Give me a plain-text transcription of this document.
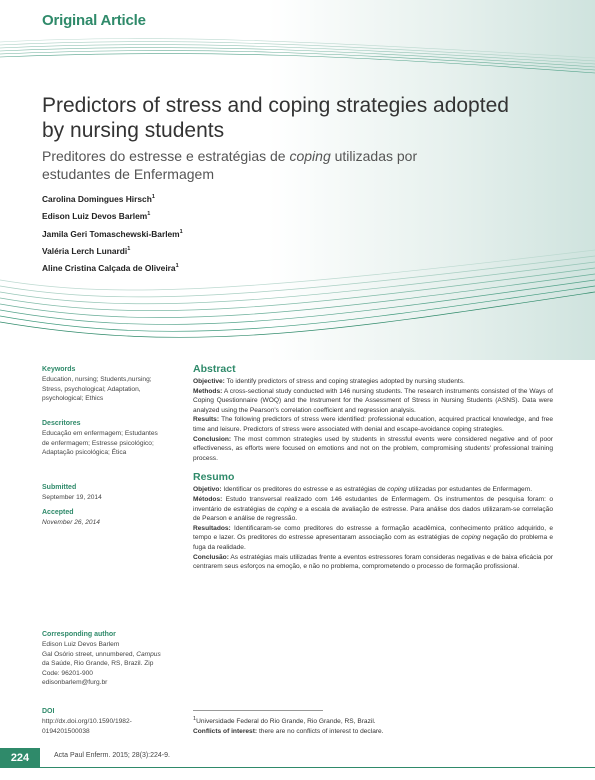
Original Article
Predictors of stress and coping strategies adopted by nursing students
Preditores do estresse e estratégias de coping utilizadas por estudantes de Enfermagem
Carolina Domingues Hirsch$^1$
Edison Luiz Devos Barlem$^1$
Jamila Geri Tomaschewski-Barlem$^1$
Valéria Lerch Lunardi$^1$
Aline Cristina Calçada de Oliveira$^1$
Keywords
Education, nursing; Students,nursing; Stress, psychological; Adaptation, psychological; Ethics
Descritores
Educação em enfermagem; Estudantes de enfermagem; Estresse psicológico; Adaptação psicológica; Ética
Submitted
September 19, 2014
Accepted
November 26, 2014
Corresponding author
Edison Luiz Devos Barlem
Gal Osório street, unnumbered, Campus da Saúde, Rio Grande, RS, Brazil. Zip Code: 96201-900
edisonbarlem@furg.br
DOI
http://dx.doi.org/10.1590/1982-0194201500038
Abstract

Objective: To identify predictors of stress and coping strategies adopted by nursing students.

Methods: A cross-sectional study conducted with 146 nursing students. The research instruments consisted of the Ways of Coping Questionnaire (WOQ) and the Instrument for the Assessment of Stress in Nursing Students (ASNS). Data were analyzed using the Pearson's correlation coefficient and regression analysis.

Results: The following predictors of stress were identified: professional education, acquired practical knowledge, and free time and leisure. Predictors of stress were associated with denial and escape-avoidance coping strategies.

Conclusion: The most common strategies used by students in stressful events were considered negative and of poor effectiveness, as efforts were focused on emotions and not on the problem, compromising students' professional training process.

Resumo

Objetivo: Identificar os preditores do estresse e as estratégias de coping utilizadas por estudantes de Enfermagem.

Métodos: Estudo transversal realizado com 146 estudantes de Enfermagem. Os instrumentos de pesquisa foram: o inventário de estratégias de coping e a escala de avaliação de estresse. Para análise dos dados utilizaram-se correlação de Pearson e análise de regressão.

Resultados: Identificaram-se como preditores do estresse a formação acadêmica, conhecimento prático adquirido, e tempo e lazer. Os preditores do estresse apresentaram associação com as estratégias de coping negação do problema e fuga da realidade.

Conclusão: As estratégias mais utilizadas frente a eventos estressores foram consideras negativas e de baixa eficácia por centrarem seus esforços na emoção, e não no problema, comprometendo o processo de formação profissional.

$^1$Universidade Federal do Rio Grande, Rio Grande, RS, Brazil.
Conflicts of interest: there are no conflicts of interest to declare.
224	Acta Paul Enferm. 2015; 28(3):224-9.
